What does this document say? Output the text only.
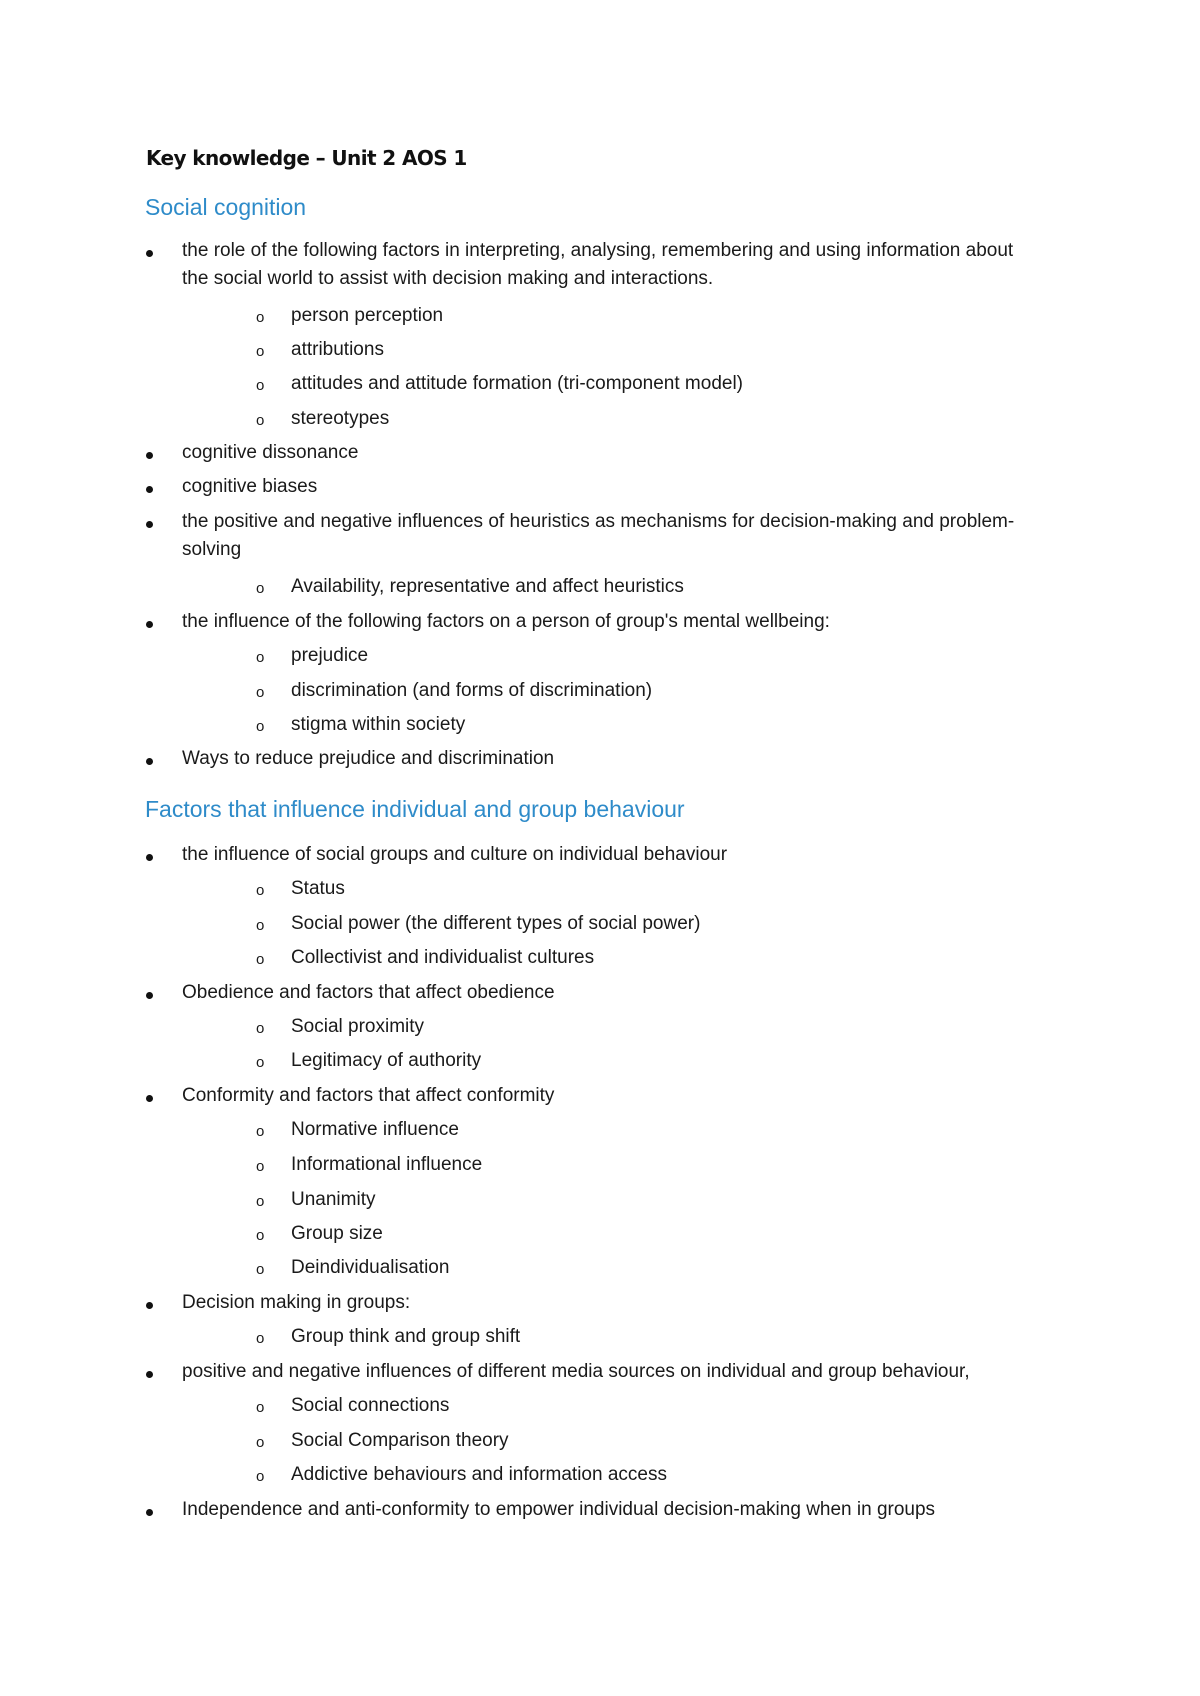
Key knowledge – Unit 2 AOS 1
Social cognition
the role of the following factors in interpreting, analysing, remembering and using information about the social world to assist with decision making and interactions.
o person perception
o attributions
o attitudes and attitude formation (tri-component model)
o stereotypes
cognitive dissonance
cognitive biases
the positive and negative influences of heuristics as mechanisms for decision-making and problem-solving
o Availability, representative and affect heuristics
the influence of the following factors on a person of group's mental wellbeing:
o prejudice
o discrimination (and forms of discrimination)
o stigma within society
Ways to reduce prejudice and discrimination
Factors that influence individual and group behaviour
the influence of social groups and culture on individual behaviour
o Status
o Social power (the different types of social power)
o Collectivist and individualist cultures
Obedience and factors that affect obedience
o Social proximity
o Legitimacy of authority
Conformity and factors that affect conformity
o Normative influence
o Informational influence
o Unanimity
o Group size
o Deindividualisation
Decision making in groups:
o Group think and group shift
positive and negative influences of different media sources on individual and group behaviour,
o Social connections
o Social Comparison theory
o Addictive behaviours and information access
Independence and anti-conformity to empower individual decision-making when in groups
